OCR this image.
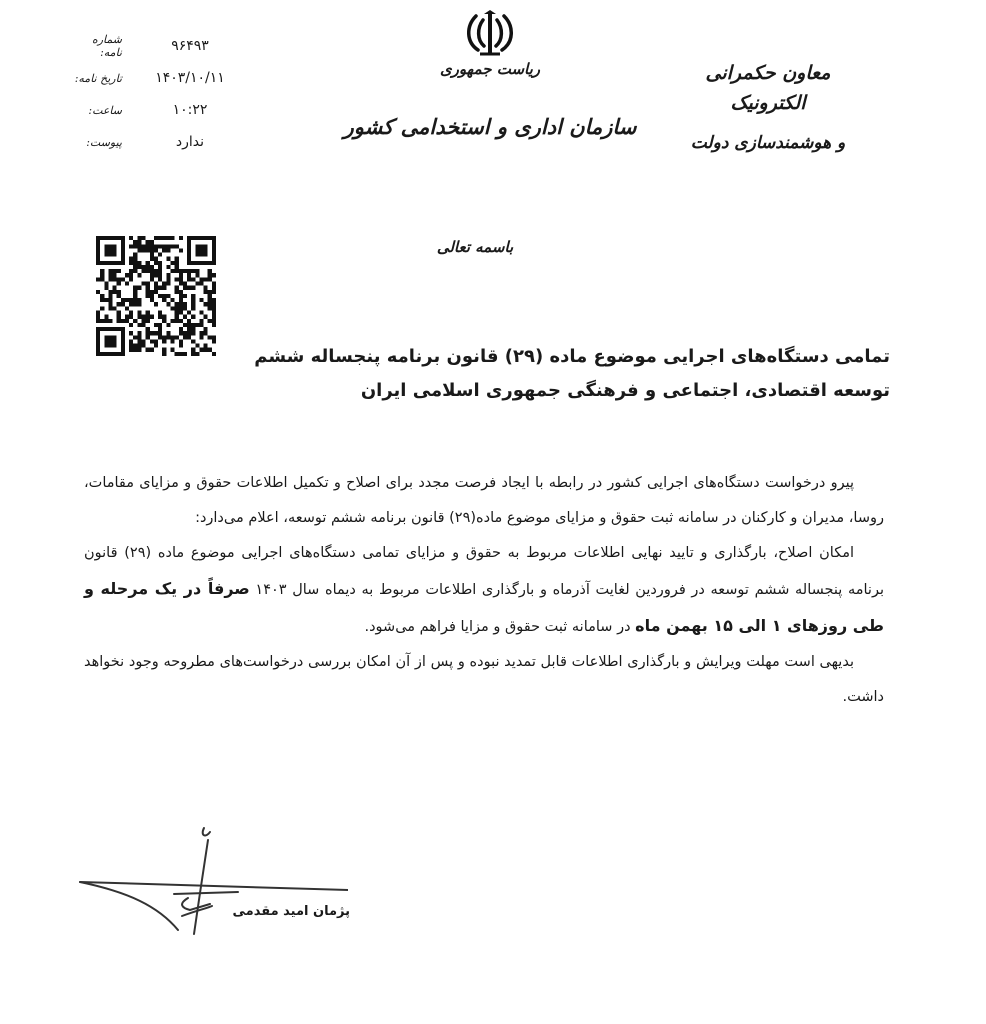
معاون حکمرانی الکترونیک
و هوشمندسازی دولت
ریاست جمهوری
سازمان اداری و استخدامی کشور
شماره نامه:	۹۶۴۹۳
تاریخ نامه:	۱۴۰۳/۱۰/۱۱
ساعت:	۱۰:۲۲
پیوست:	ندارد
باسمه تعالی
تمامی دستگاه‌های اجرایی موضوع ماده (۲۹) قانون برنامه پنجساله ششم
توسعه اقتصادی، اجتماعی و فرهنگی جمهوری اسلامی ایران

پیرو درخواست دستگاه‌های اجرایی کشور در رابطه با ایجاد فرصت مجدد برای اصلاح و تکمیل اطلاعات حقوق و مزایای مقامات، روسا، مدیران و کارکنان در سامانه ثبت حقوق و مزایای موضوع ماده(۲۹) قانون برنامه ششم توسعه، اعلام می‌دارد:

امکان اصلاح، بارگذاری و تایید نهایی اطلاعات مربوط به حقوق و مزایای تمامی دستگاه‌های اجرایی موضوع ماده (۲۹) قانون برنامه پنجساله ششم توسعه در فروردین لغایت آذرماه و بارگذاری اطلاعات مربوط به دیماه سال ۱۴۰۳ صرفاً در یک مرحله و طی روزهای ۱ الی ۱۵ بهمن ماه در سامانه ثبت حقوق و مزایا فراهم می‌شود.

بدیهی است مهلت ویرایش و بارگذاری اطلاعات قابل تمدید نبوده و پس از آن امکان بررسی درخواست‌های مطروحه وجود نخواهد داشت.

پژمان امید مقدمی
